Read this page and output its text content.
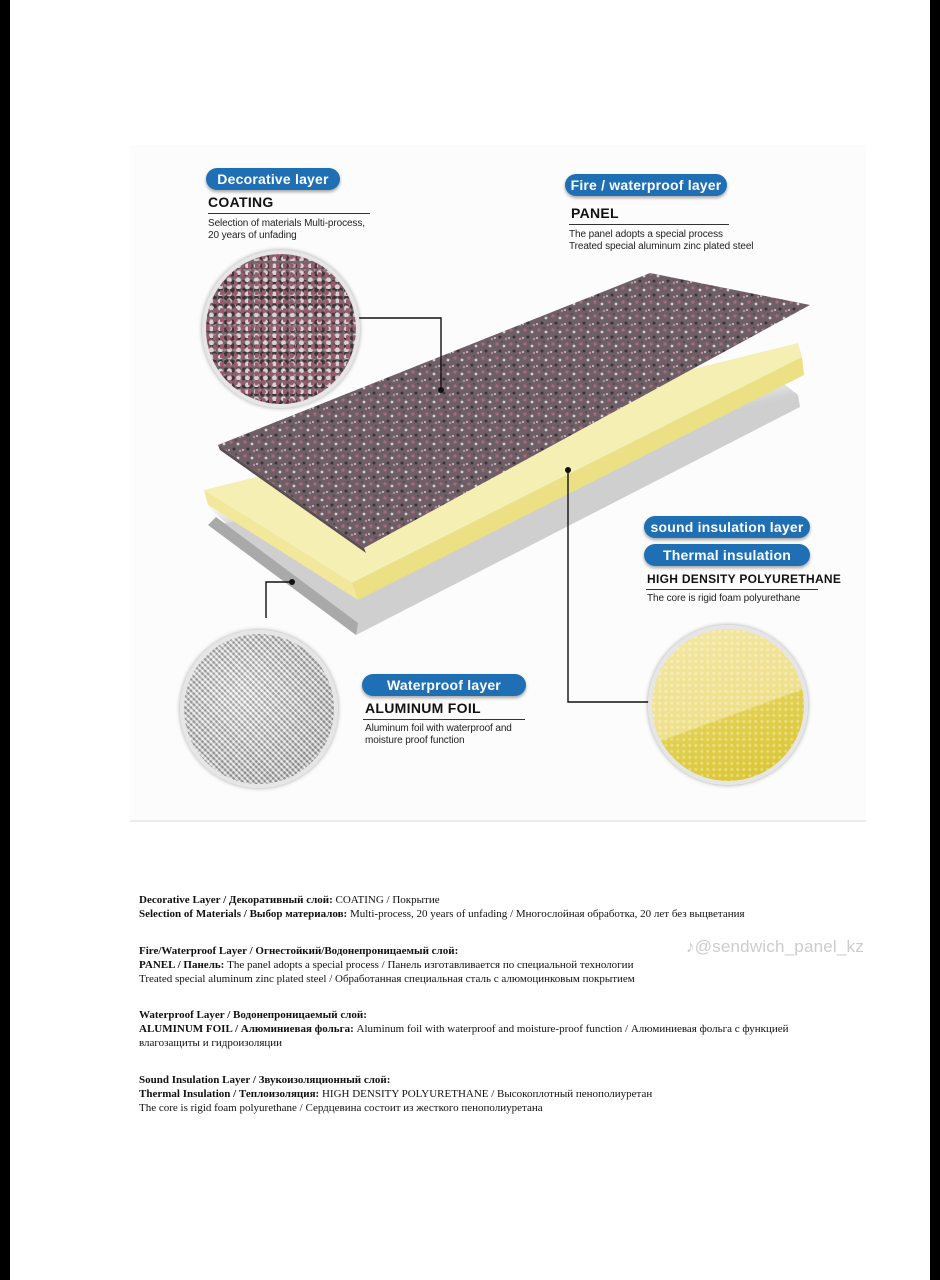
Decorative layer
COATING
Selection of materials Multi-process,
20 years of unfading
Fire / waterproof layer
PANEL
The panel adopts a special process
Treated special aluminum zinc plated steel
sound insulation layer
Thermal insulation
HIGH DENSITY POLYURETHANE
The core is rigid foam polyurethane
Waterproof layer
ALUMINUM FOIL
Aluminum foil with waterproof and
moisture proof function
Decorative Layer / Декоративный слой: COATING / Покрытие
Selection of Materials / Выбор материалов: Multi-process, 20 years of unfading / Многослойная обработка, 20 лет без выцветания
Fire/Waterproof Layer / Огнестойкий/Водонепроницаемый слой:
PANEL / Панель: The panel adopts a special process / Панель изготавливается по специальной технологии
Treated special aluminum zinc plated steel / Обработанная специальная сталь с алюмоцинковым покрытием
Waterproof Layer / Водонепроницаемый слой:
ALUMINUM FOIL / Алюминиевая фольга: Aluminum foil with waterproof and moisture-proof function / Алюминиевая фольга с функцией влагозащиты и гидроизоляции
Sound Insulation Layer / Звукоизоляционный слой:
Thermal Insulation / Теплоизоляция: HIGH DENSITY POLYURETHANE / Высокоплотный пенополиуретан
The core is rigid foam polyurethane / Сердцевина состоит из жесткого пенополиуретана
♪@sendwich_panel_kz
